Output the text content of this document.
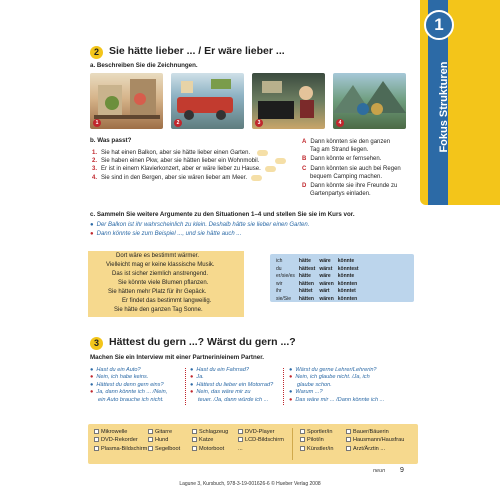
1
Fokus Strukturen
2 Sie hätte lieber ... / Er wäre lieber ...
a. Beschreiben Sie die Zeichnungen.
1	2	3	4
b. Was passt?
1. Sie hat einen Balkon, aber sie hätte lieber einen Garten.
2. Sie haben einen Pkw, aber sie hätten lieber ein Wohnmobil.
3. Er ist in einem Klavierkonzert, aber er wäre lieber zu Hause.
4. Sie sind in den Bergen, aber sie wären lieber am Meer.
A Dann könnten sie den ganzen
Tag am Strand liegen.
B Dann könnte er fernsehen.
C Dann könnten sie auch bei Regen
bequem Camping machen.
D Dann könnte sie ihre Freunde zu
Gartenpartys einladen.
c. Sammeln Sie weitere Argumente zu den Situationen 1–4 und stellen Sie sie im Kurs vor.
● Der Balkon ist ihr wahrscheinlich zu klein. Deshalb hätte sie lieber einen Garten.
● Dann könnte sie zum Beispiel ..., und sie hätte auch ...
Dort wäre es bestimmt wärmer.
Vielleicht mag er keine klassische Musik.
Das ist sicher ziemlich anstrengend.
Sie könnte viele Blumen pflanzen.
Sie hätten mehr Platz für ihr Gepäck.
Er findet das bestimmt langweilig.
Sie hätte den ganzen Tag Sonne.
ich	hätte	wäre	könnte
du	hättest	wärst	könntest
er/sie/es	hätte	wäre	könnte
wir	hätten	wären	könnten
ihr	hättet	wärt	könntet
sie/Sie	hätten	wären	könnten
3 Hättest du gern ...? Wärst du gern ...?
Machen Sie ein Interview mit einer Partnerin/einem Partner.
● Hast du ein Auto?
● Nein, ich habe keins.
● Hättest du denn gern eins?
● Ja, dann könnte ich ... /Nein,
ein Auto brauche ich nicht.
● Hast du ein Fahrrad?
● Ja.
● Hättest du lieber ein Motorrad?
● Nein, das wäre mir zu
teuer. /Ja, dann würde ich ...
● Wärst du gerne Lehrer/Lehrerin?
● Nein, ich glaube nicht. /Ja, ich
glaube schon.
● Warum ...?
● Das wäre mir ... /Dann könnte ich ...
Mikrowelle
DVD-Rekorder
Plasma-Bildschirm
Gitarre
Hund
Segelboot
Schlagzeug
Katze
Motorboot
DVD-Player
LCD-Bildschirm
...
Sportler/in
Pilot/in
Künstler/in
Bauer/Bäuerin
Hausmann/Hausfrau
Arzt/Ärztin ...
neun 9
Lagune 3, Kursbuch, 978-3-19-001626-6 © Hueber Verlag 2008
